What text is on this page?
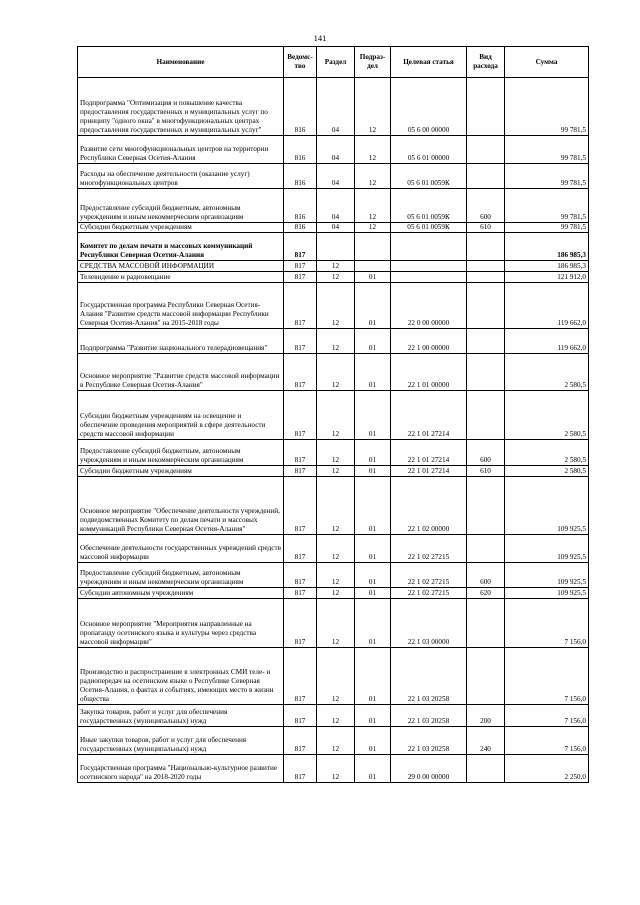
141
Наименование	Ведомс-тво	Раздел	Подраз-дел	Целевая статья	Вид расхода	Сумма
Подпрограмма "Оптимизация и повышение качества предоставления государственных и муниципальных услуг по принципу "одного окна" в многофункциональных центрах предоставления государственных и муниципальных услуг"	816	04	12	05 6 00 00000		99 781,5
Развитие сети многофункциональных центров на территории Республики Северная Осетия-Алания	816	04	12	05 6 01 00000		99 781,5
Расходы на обеспечение деятельности (оказание услуг) многофункциональных центров	816	04	12	05 6 01 0059К		99 781,5
Предоставление субсидий бюджетным, автономным учреждениям и иным некоммерческим организациям	816	04	12	05 6 01 0059К	600	99 781,5
Субсидии бюджетным учреждениям	816	04	12	05 6 01 0059К	610	99 781,5
Комитет по делам печати и массовых коммуникаций Республики Северная Осетия-Алания	817					186 985,3
СРЕДСТВА МАССОВОЙ ИНФОРМАЦИИ	817	12				186 985,3
Телевидение и радиовещание	817	12	01			121 912,0
Государственная программа Республики Северная Осетия-Алания "Развитие средств массовой информации Республики Северная Осетия-Алания" на 2015-2018 годы	817	12	01	22 0 00 00000		119 662,0
Подпрограмма "Развитие национального телерадиовещания"	817	12	01	22 1 00 00000		119 662,0
Основное мероприятие "Развитие средств массовой информации в Республике Северная Осетия-Алания"	817	12	01	22 1 01 00000		2 580,5
Субсидии бюджетным учреждениям на освещение и обеспечение проведения мероприятий в сфере деятельности средств массовой информации	817	12	01	22 1 01 27214		2 580,5
Предоставление субсидий бюджетным, автономным учреждениям и иным некоммерческим организациям	817	12	01	22 1 01 27214	600	2 580,5
Субсидии бюджетным учреждениям	817	12	01	22 1 01 27214	610	2 580,5
Основное мероприятие "Обеспечение деятельности учреждений, подведомственных Комитету по делам печати и массовых коммуникаций Республики Северная Осетия-Алания"	817	12	01	22 1 02 00000		109 925,5
Обеспечение деятельности государственных учреждений средств массовой информации	817	12	01	22 1 02 27215		109 925,5
Предоставление субсидий бюджетным, автономным учреждениям и иным некоммерческим организациям	817	12	01	22 1 02 27215	600	109 925,5
Субсидии автономным учреждениям	817	12	01	22 1 02 27215	620	109 925,5
Основное мероприятие "Мероприятия направленные на пропаганду осетинского языка и культуры через средства массовой информации"	817	12	01	22 1 03 00000		7 156,0
Производство и распространение в электронных СМИ теле- и радиопередач на осетинском языке о Республике Северная Осетия-Алания, о фактах и событиях, имеющих место в жизни общества	817	12	01	22 1 03 20258		7 156,0
Закупка товаров, работ и услуг для обеспечения государственных (муниципальных) нужд	817	12	01	22 1 03 20258	200	7 156,0
Иные закупки товаров, работ и услуг для обеспечения государственных (муниципальных) нужд	817	12	01	22 1 03 20258	240	7 156,0
Государственная программа "Национально-культурное развитие осетинского народа" на 2018-2020 годы	817	12	01	29 0 00 00000		2 250,0
